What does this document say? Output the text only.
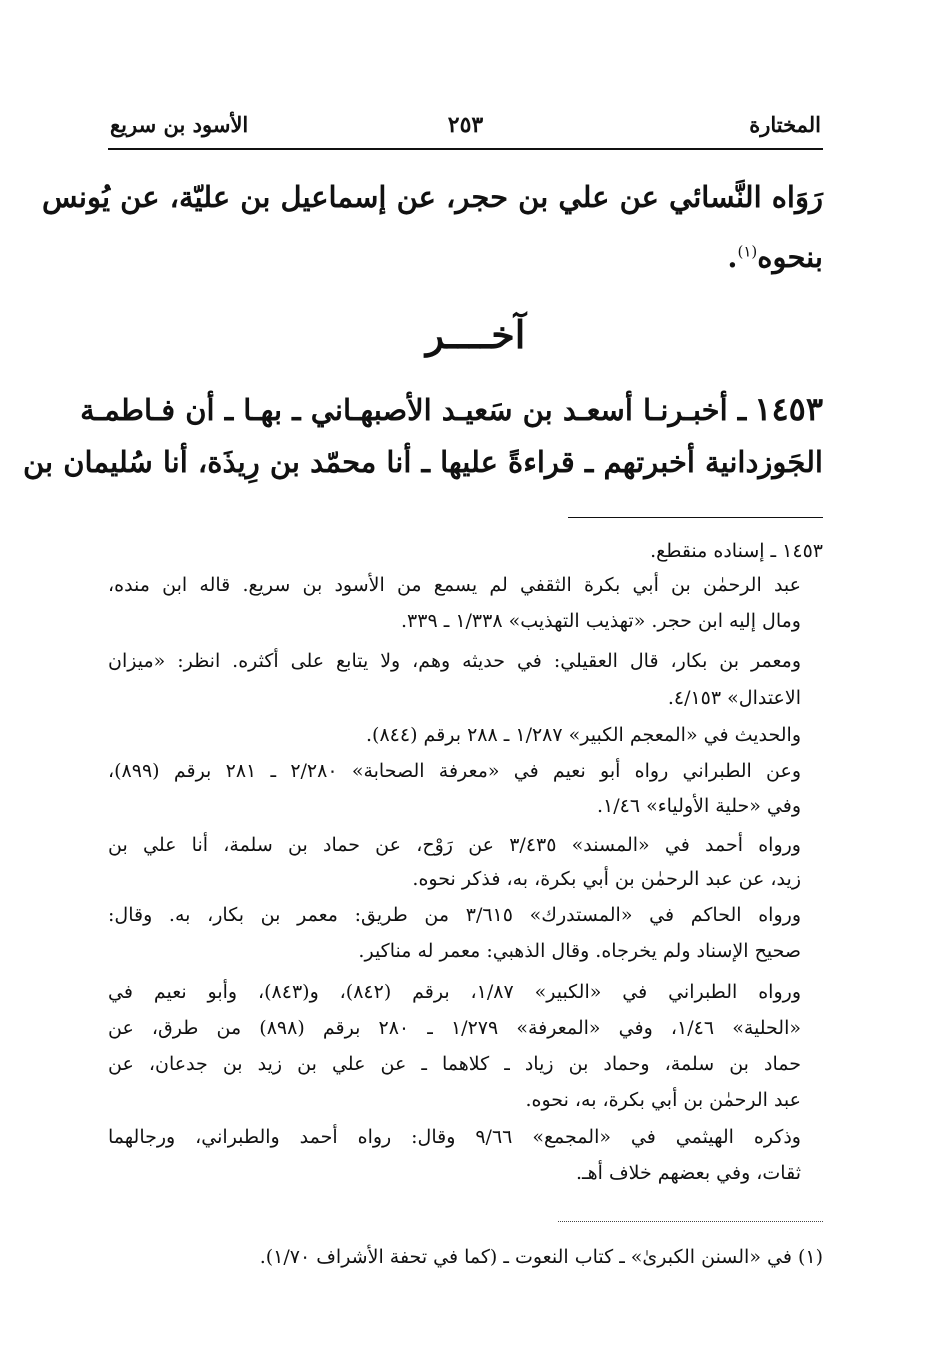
المختارة
٢٥٣
الأسود بن سريع
رَوَاه النَّسائي عن علي بن حجر، عن إسماعيل بن عليّة، عن يُونس
بنحوه$^{(١)}$.
آخــــر
١٤٥٣ـ أخبـرنـا أسعـد بن سَعيـد الأصبهـاني ـ بهـا ـ أن فـاطمـة
الجَوزدانية أخبرتهم ـ قراءةً عليها ـ أنا محمّد بن رِيذَة، أنا سُليمان بن
١٤٥٣ ـ إسناده منقطع.
عبد الرحمٰن بن أبي بكرة الثقفي لم يسمع من الأسود بن سريع. قاله ابن منده،
ومال إليه ابن حجر. «تهذيب التهذيب» ١/٣٣٨ ـ ٣٣٩.
ومعمر بن بكار، قال العقيلي: في حديثه وهم، ولا يتابع على أكثره. انظر: «ميزان
الاعتدال» ٤/١٥٣.
والحديث في «المعجم الكبير» ١/٢٨٧ ـ ٢٨٨ برقم (٨٤٤).
وعن الطبراني رواه أبو نعيم في «معرفة الصحابة» ٢/٢٨٠ ـ ٢٨١ برقم (٨٩٩)،
وفي «حلية الأولياء» ١/٤٦.
ورواه أحمد في «المسند» ٣/٤٣٥ عن رَوْح، عن حماد بن سلمة، أنا علي بن
زيد، عن عبد الرحمٰن بن أبي بكرة، به، فذكر نحوه.
ورواه الحاكم في «المستدرك» ٣/٦١٥ من طريق: معمر بن بكار، به. وقال:
صحيح الإسناد ولم يخرجاه. وقال الذهبي: معمر له مناكير.
ورواه الطبراني في «الكبير» ١/٨٧، برقم (٨٤٢)، و(٨٤٣)، وأبو نعيم في
«الحلية» ١/٤٦، وفي «المعرفة» ١/٢٧٩ ـ ٢٨٠ برقم (٨٩٨) من طرق، عن
حماد بن سلمة، وحماد بن زياد ـ كلاهما ـ عن علي بن زيد بن جدعان، عن
عبد الرحمٰن بن أبي بكرة، به، نحوه.
وذكره الهيثمي في «المجمع» ٩/٦٦ وقال: رواه أحمد والطبراني، ورجالهما
ثقات، وفي بعضهم خلاف أهـ.
(١) في «السنن الكبرىٰ» ـ كتاب النعوت ـ (كما في تحفة الأشراف ١/٧٠).
